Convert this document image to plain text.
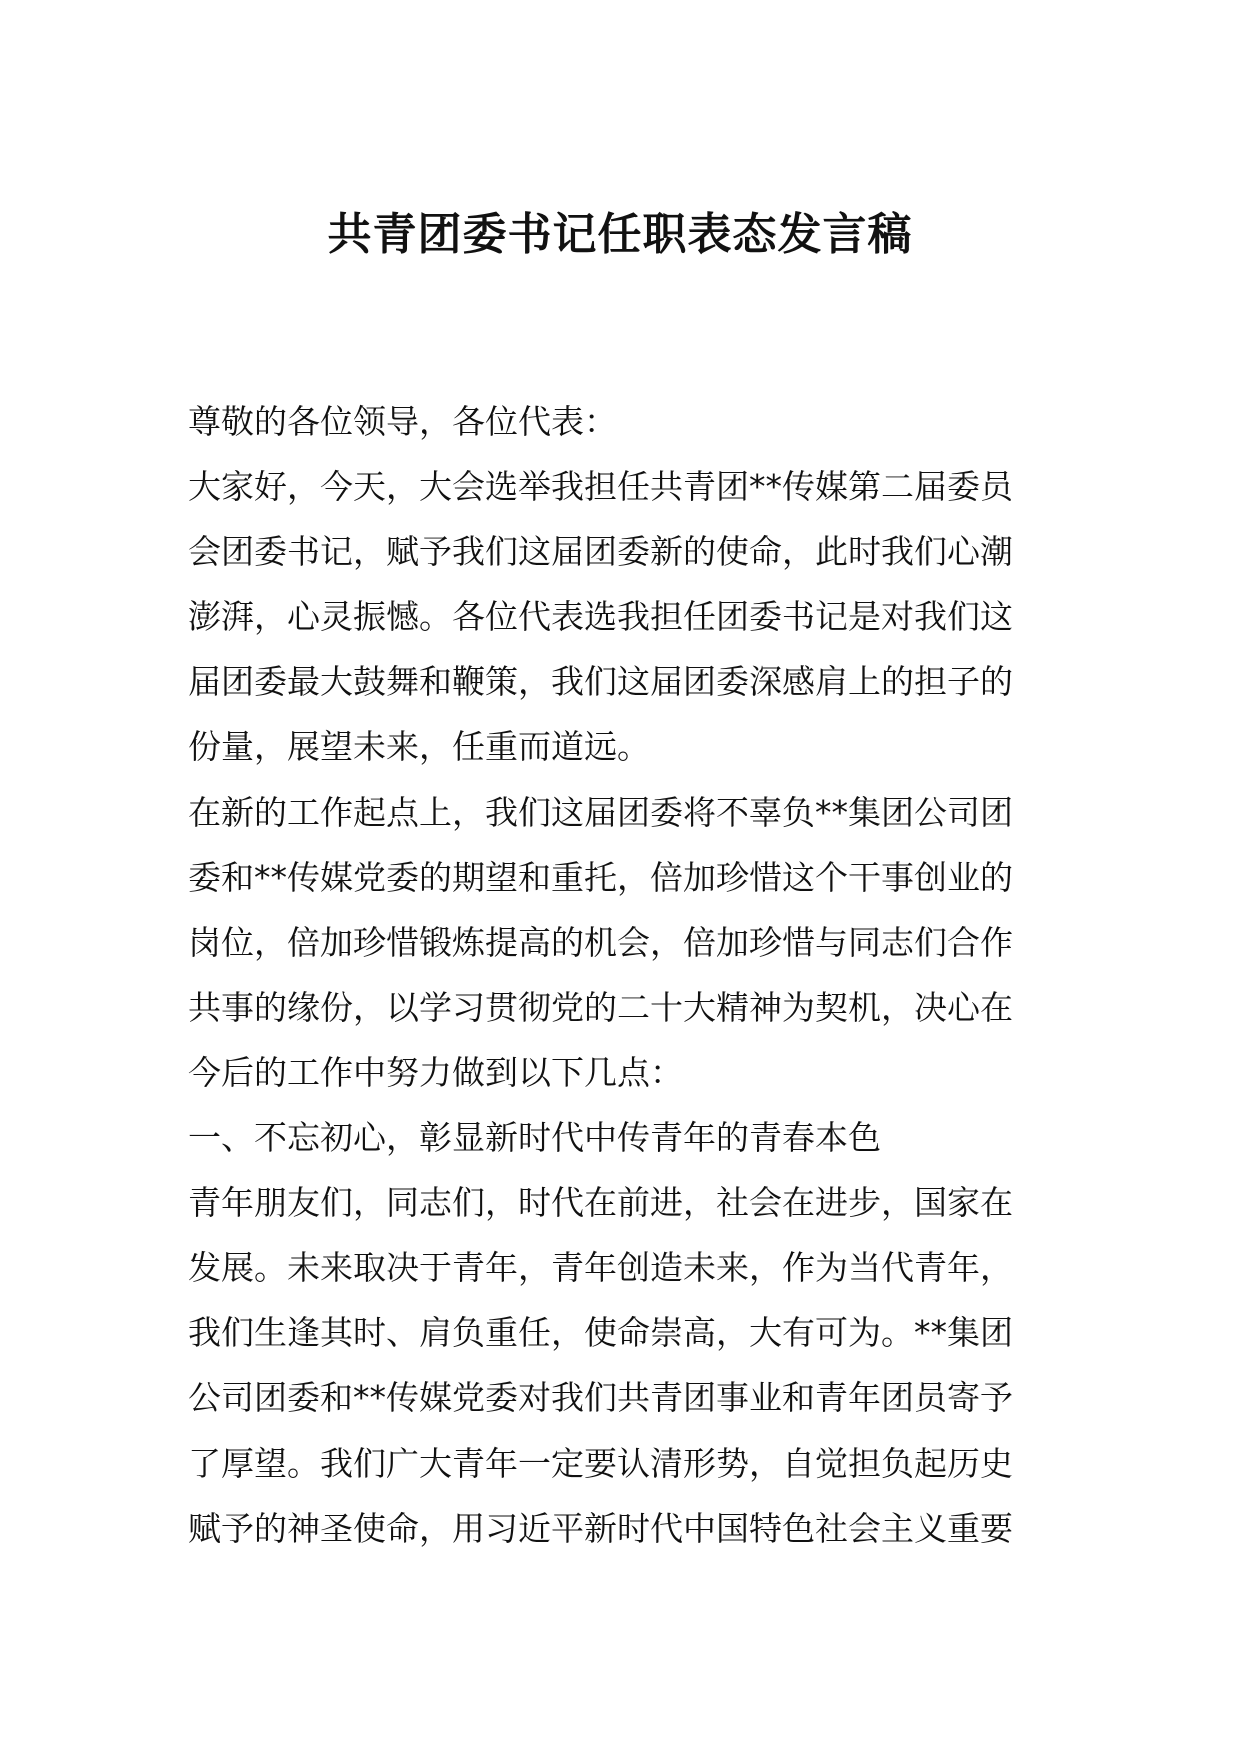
共青团委书记任职表态发言稿
尊敬的各位领导，各位代表：
大家好，今天，大会选举我担任共青团**传媒第二届委员
会团委书记，赋予我们这届团委新的使命，此时我们心潮
澎湃，心灵振憾。各位代表选我担任团委书记是对我们这
届团委最大鼓舞和鞭策，我们这届团委深感肩上的担子的
份量，展望未来，任重而道远。
在新的工作起点上，我们这届团委将不辜负**集团公司团
委和**传媒党委的期望和重托，倍加珍惜这个干事创业的
岗位，倍加珍惜锻炼提高的机会，倍加珍惜与同志们合作
共事的缘份，以学习贯彻党的二十大精神为契机，决心在
今后的工作中努力做到以下几点：
一、不忘初心，彰显新时代中传青年的青春本色
青年朋友们，同志们，时代在前进，社会在进步，国家在
发展。未来取决于青年，青年创造未来，作为当代青年，
我们生逢其时、肩负重任，使命崇高，大有可为。**集团
公司团委和**传媒党委对我们共青团事业和青年团员寄予
了厚望。我们广大青年一定要认清形势，自觉担负起历史
赋予的神圣使命，用习近平新时代中国特色社会主义重要
